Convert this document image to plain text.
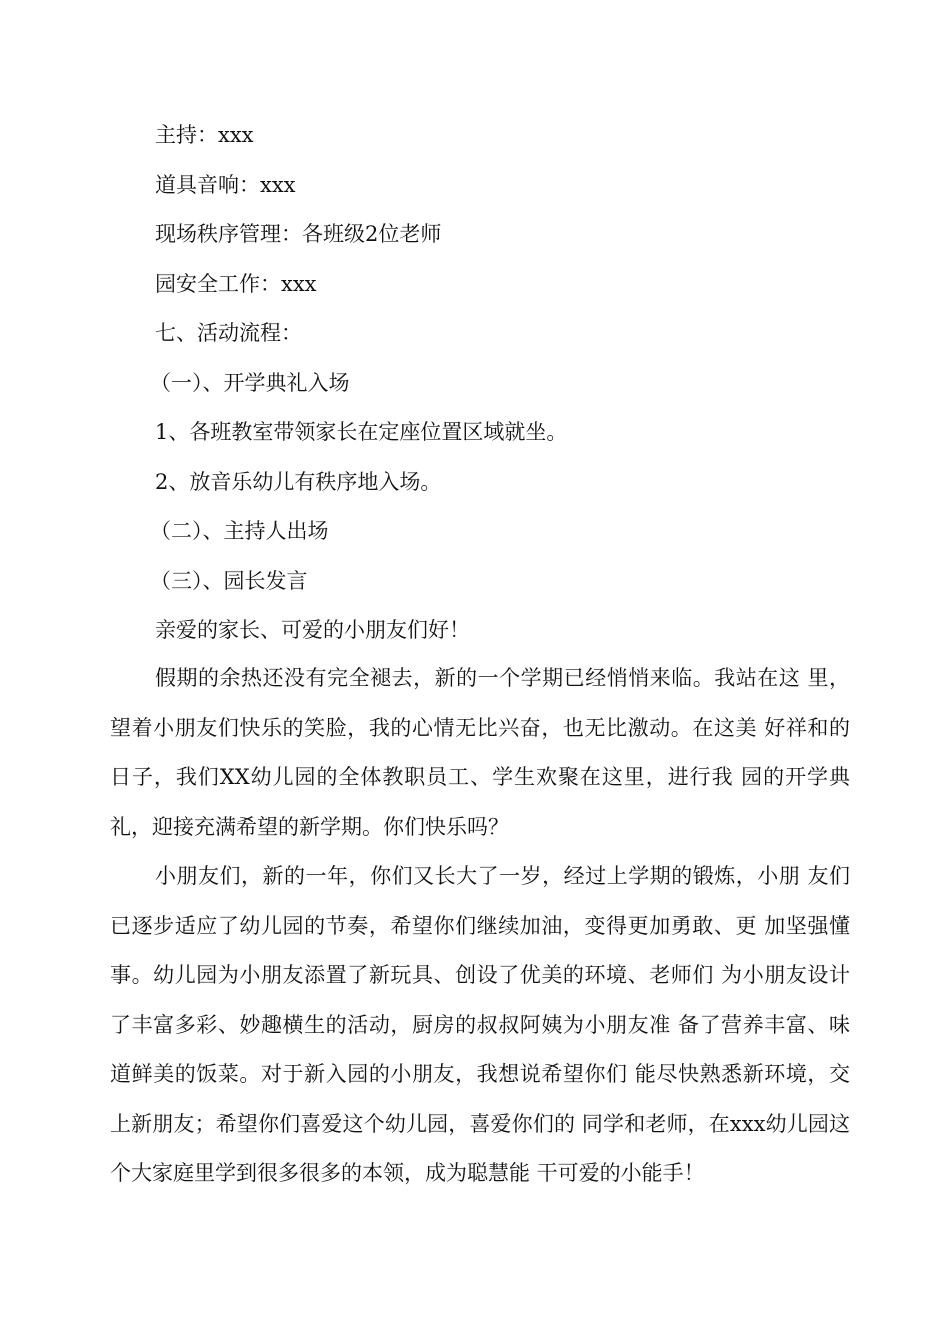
主持：xxx
道具音响：xxx
现场秩序管理：各班级2位老师
园安全工作：xxx
七、活动流程：
（一）、开学典礼入场
1、各班教室带领家长在定座位置区域就坐。
2、放音乐幼儿有秩序地入场。
（二）、主持人出场
（三）、园长发言
亲爱的家长、可爱的小朋友们好！
假期的余热还没有完全褪去，新的一个学期已经悄悄来临。我站在这 里，望着小朋友们快乐的笑脸，我的心情无比兴奋，也无比激动。在这美 好祥和的日子，我们XX幼儿园的全体教职员工、学生欢聚在这里，进行我 园的开学典礼，迎接充满希望的新学期。你们快乐吗？
小朋友们，新的一年，你们又长大了一岁，经过上学期的锻炼，小朋 友们已逐步适应了幼儿园的节奏，希望你们继续加油，变得更加勇敢、更 加坚强懂事。幼儿园为小朋友添置了新玩具、创设了优美的环境、老师们 为小朋友设计了丰富多彩、妙趣横生的活动，厨房的叔叔阿姨为小朋友准 备了营养丰富、味道鲜美的饭菜。对于新入园的小朋友，我想说希望你们 能尽快熟悉新环境，交上新朋友；希望你们喜爱这个幼儿园，喜爱你们的 同学和老师，在xxx幼儿园这个大家庭里学到很多很多的本领，成为聪慧能 干可爱的小能手！
